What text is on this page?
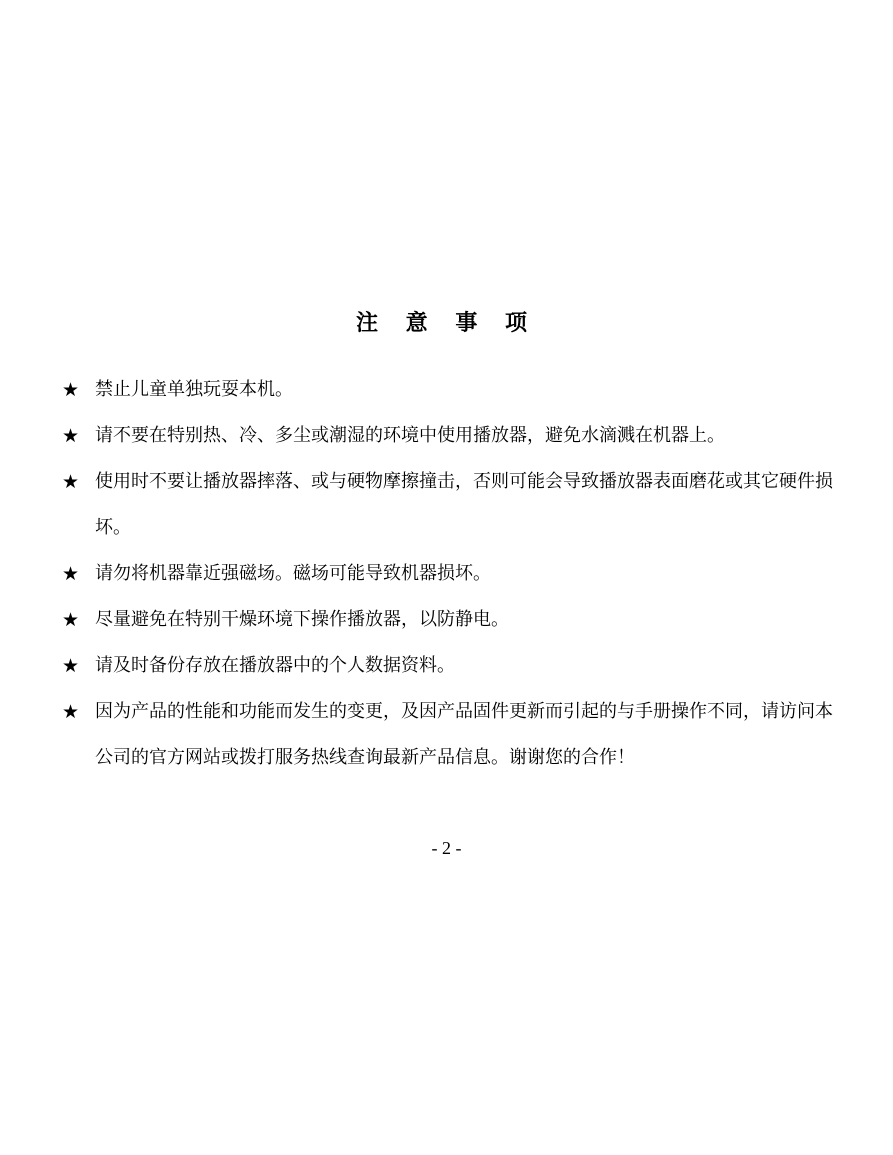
注 意 事 项
★ 禁止儿童单独玩耍本机。
★ 请不要在特别热、冷、多尘或潮湿的环境中使用播放器，避免水滴溅在机器上。
★ 使用时不要让播放器摔落、或与硬物摩擦撞击，否则可能会导致播放器表面磨花或其它硬件损坏。
★ 请勿将机器靠近强磁场。磁场可能导致机器损坏。
★ 尽量避免在特别干燥环境下操作播放器，以防静电。
★ 请及时备份存放在播放器中的个人数据资料。
★ 因为产品的性能和功能而发生的变更，及因产品固件更新而引起的与手册操作不同，请访问本公司的官方网站或拨打服务热线查询最新产品信息。谢谢您的合作！
- 2 -
